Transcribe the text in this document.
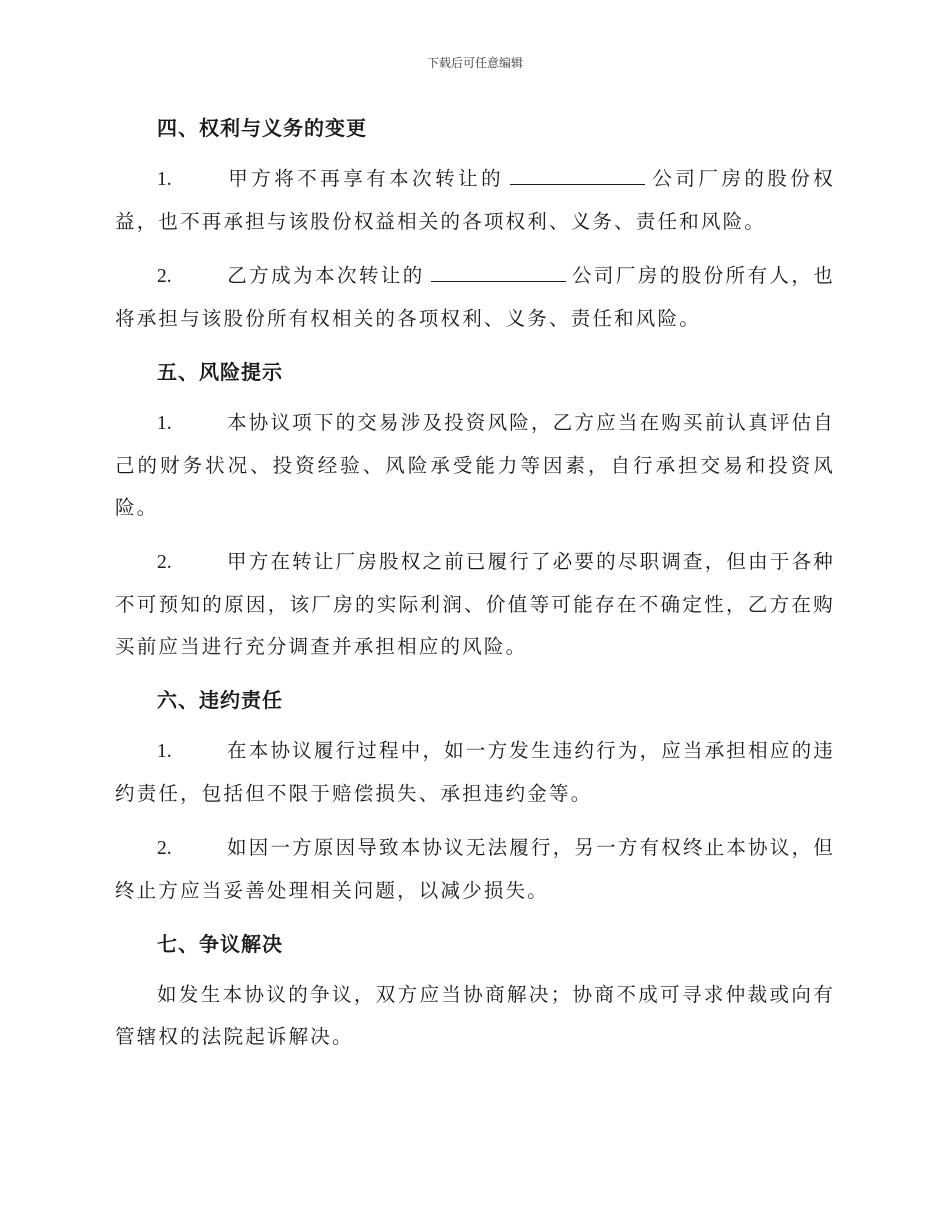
下载后可任意编辑
四、权利与义务的变更

1.	甲方将不再享有本次转让的	公司厂房的股份权益，也不再承担与该股份权益相关的各项权利、义务、责任和风险。

2.	乙方成为本次转让的	公司厂房的股份所有人，也将承担与该股份所有权相关的各项权利、义务、责任和风险。

五、风险提示

1.	本协议项下的交易涉及投资风险，乙方应当在购买前认真评估自己的财务状况、投资经验、风险承受能力等因素，自行承担交易和投资风险。

2.	甲方在转让厂房股权之前已履行了必要的尽职调查，但由于各种不可预知的原因，该厂房的实际利润、价值等可能存在不确定性，乙方在购买前应当进行充分调查并承担相应的风险。

六、违约责任

1.	在本协议履行过程中，如一方发生违约行为，应当承担相应的违约责任，包括但不限于赔偿损失、承担违约金等。

2.	如因一方原因导致本协议无法履行，另一方有权终止本协议，但终止方应当妥善处理相关问题，以减少损失。

七、争议解决

如发生本协议的争议，双方应当协商解决；协商不成可寻求仲裁或向有管辖权的法院起诉解决。
